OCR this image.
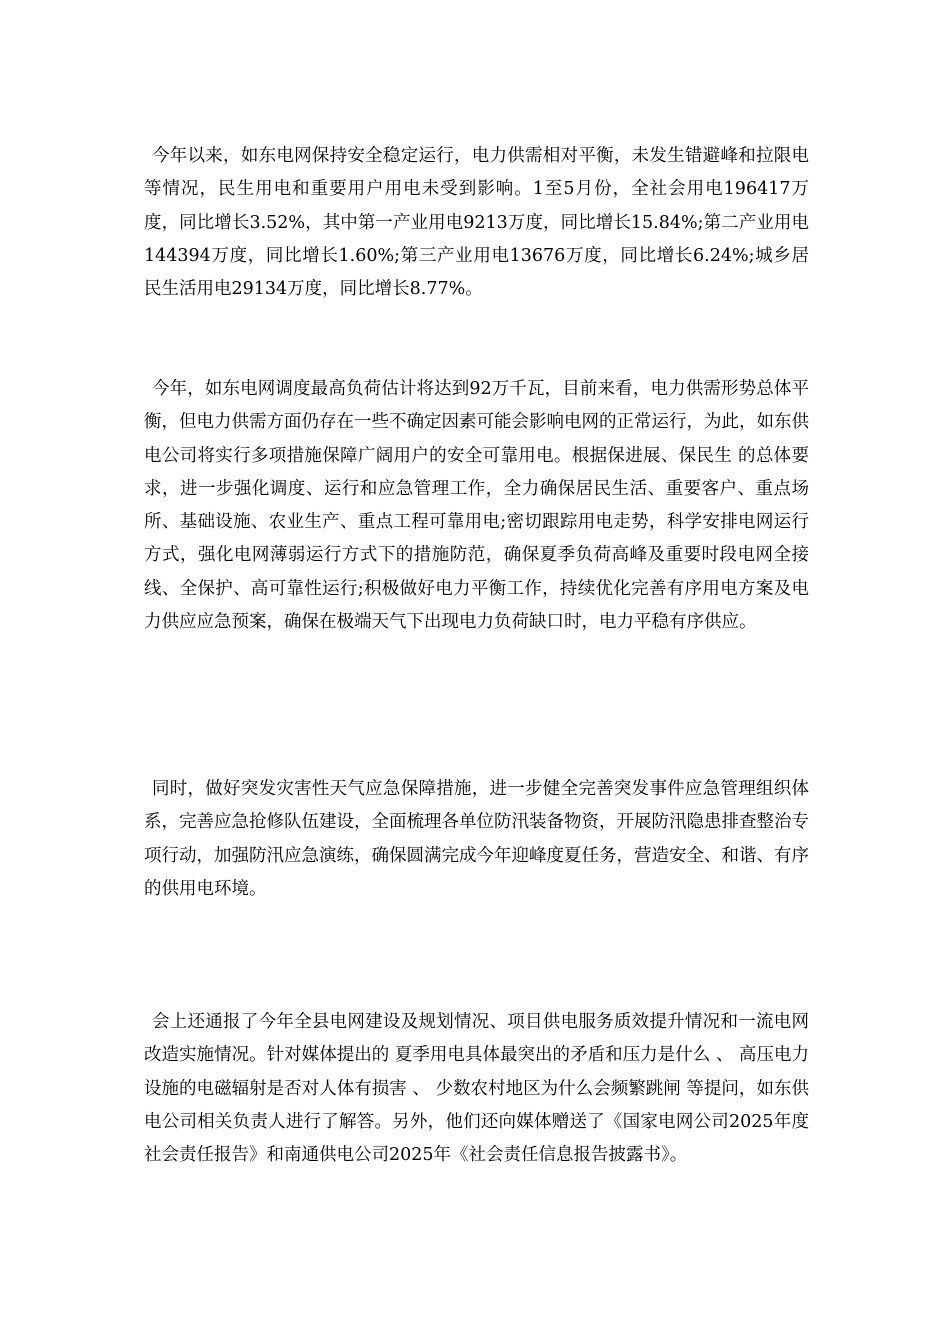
今年以来，如东电网保持安全稳定运行，电力供需相对平衡，未发生错避峰和拉限电等情况，民生用电和重要用户用电未受到影响。1至5月份，全社会用电196417万度，同比增长3.52%，其中第一产业用电9213万度，同比增长15.84%;第二产业用电144394万度，同比增长1.60%;第三产业用电13676万度，同比增长6.24%;城乡居民生活用电29134万度，同比增长8.77%。

今年，如东电网调度最高负荷估计将达到92万千瓦，目前来看，电力供需形势总体平衡，但电力供需方面仍存在一些不确定因素可能会影响电网的正常运行，为此，如东供电公司将实行多项措施保障广阔用户的安全可靠用电。根据保进展、保民生 的总体要求，进一步强化调度、运行和应急管理工作，全力确保居民生活、重要客户、重点场所、基础设施、农业生产、重点工程可靠用电;密切跟踪用电走势，科学安排电网运行方式，强化电网薄弱运行方式下的措施防范，确保夏季负荷高峰及重要时段电网全接线、全保护、高可靠性运行;积极做好电力平衡工作，持续优化完善有序用电方案及电力供应应急预案，确保在极端天气下出现电力负荷缺口时，电力平稳有序供应。

同时，做好突发灾害性天气应急保障措施，进一步健全完善突发事件应急管理组织体系，完善应急抢修队伍建设，全面梳理各单位防汛装备物资，开展防汛隐患排查整治专项行动，加强防汛应急演练，确保圆满完成今年迎峰度夏任务，营造安全、和谐、有序的供用电环境。

会上还通报了今年全县电网建设及规划情况、项目供电服务质效提升情况和一流电网改造实施情况。针对媒体提出的 夏季用电具体最突出的矛盾和压力是什么 、 高压电力设施的电磁辐射是否对人体有损害 、 少数农村地区为什么会频繁跳闸 等提问，如东供电公司相关负责人进行了解答。另外，他们还向媒体赠送了《国家电网公司2025年度社会责任报告》和南通供电公司2025年《社会责任信息报告披露书》。
